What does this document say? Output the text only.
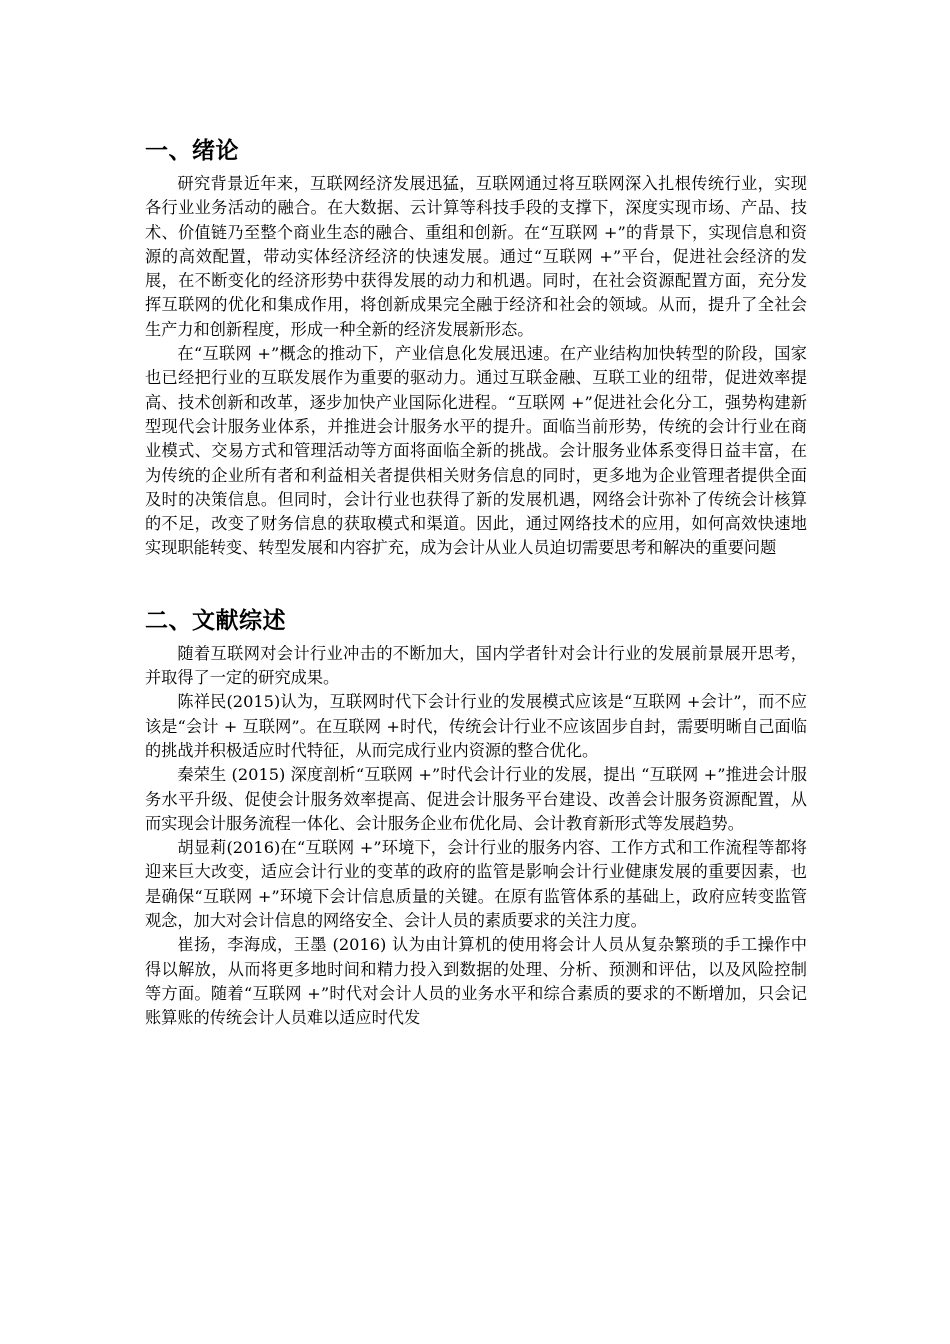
一、绪论

研究背景近年来，互联网经济发展迅猛，互联网通过将互联网深入扎根传统行业，实现各行业业务活动的融合。在大数据、云计算等科技手段的支撑下，深度实现市场、产品、技术、价值链乃至整个商业生态的融合、重组和创新。在“互联网 +”的背景下，实现信息和资源的高效配置，带动实体经济经济的快速发展。通过“互联网 +”平台，促进社会经济的发展，在不断变化的经济形势中获得发展的动力和机遇。同时，在社会资源配置方面，充分发挥互联网的优化和集成作用，将创新成果完全融于经济和社会的领域。从而，提升了全社会生产力和创新程度，形成一种全新的经济发展新形态。

在“互联网 +”概念的推动下，产业信息化发展迅速。在产业结构加快转型的阶段，国家也已经把行业的互联发展作为重要的驱动力。通过互联金融、互联工业的纽带，促进效率提高、技术创新和改革，逐步加快产业国际化进程。“互联网 +”促进社会化分工，强势构建新型现代会计服务业体系，并推进会计服务水平的提升。面临当前形势，传统的会计行业在商业模式、交易方式和管理活动等方面将面临全新的挑战。会计服务业体系变得日益丰富，在为传统的企业所有者和利益相关者提供相关财务信息的同时，更多地为企业管理者提供全面及时的决策信息。但同时，会计行业也获得了新的发展机遇，网络会计弥补了传统会计核算的不足，改变了财务信息的获取模式和渠道。因此，通过网络技术的应用，如何高效快速地实现职能转变、转型发展和内容扩充，成为会计从业人员迫切需要思考和解决的重要问题

二、文献综述

随着互联网对会计行业冲击的不断加大，国内学者针对会计行业的发展前景展开思考，并取得了一定的研究成果。

陈祥民(2015)认为，互联网时代下会计行业的发展模式应该是“互联网 +会计”，而不应该是“会计 + 互联网”。在互联网 +时代，传统会计行业不应该固步自封，需要明晰自己面临的挑战并积极适应时代特征，从而完成行业内资源的整合优化。

秦荣生 (2015) 深度剖析“互联网 +”时代会计行业的发展，提出 “互联网 +”推进会计服务水平升级、促使会计服务效率提高、促进会计服务平台建设、改善会计服务资源配置，从而实现会计服务流程一体化、会计服务企业布优化局、会计教育新形式等发展趋势。

胡显莉(2016)在“互联网 +”环境下，会计行业的服务内容、工作方式和工作流程等都将迎来巨大改变，适应会计行业的变革的政府的监管是影响会计行业健康发展的重要因素，也是确保“互联网 +”环境下会计信息质量的关键。在原有监管体系的基础上，政府应转变监管观念，加大对会计信息的网络安全、会计人员的素质要求的关注力度。

崔扬，李海成，王墨 (2016) 认为由计算机的使用将会计人员从复杂繁琐的手工操作中得以解放，从而将更多地时间和精力投入到数据的处理、分析、预测和评估，以及风险控制等方面。随着“互联网 +”时代对会计人员的业务水平和综合素质的要求的不断增加，只会记账算账的传统会计人员难以适应时代发
